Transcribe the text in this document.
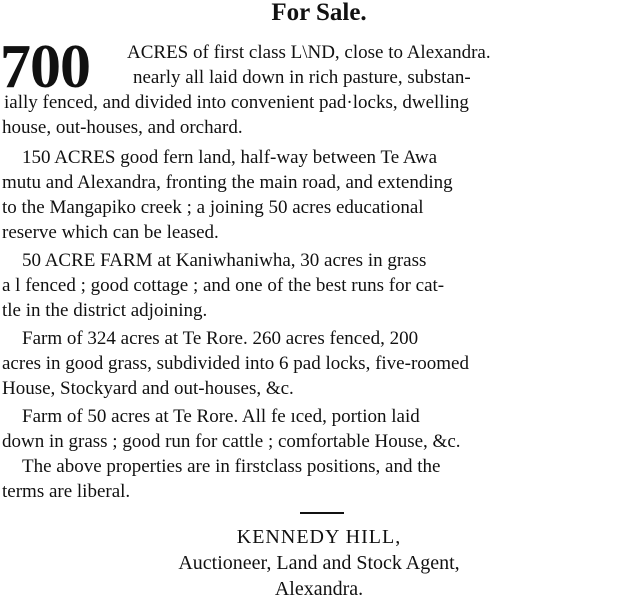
For Sale.
700 ACRES of first class L\ND, close to Alexandra.
nearly all laid down in rich pasture, substan-
ially fenced, and divided into convenient pad·locks, dwelling
house, out-houses, and orchard.
150 ACRES good fern land, half-way between Te Awa
mutu and Alexandra, fronting the main road, and extending
to the Mangapiko creek ; a joining 50 acres educational
reserve which can be leased.
50 ACRE FARM at Kaniwhaniwha, 30 acres in grass
a l fenced ; good cottage ; and one of the best runs for cat-
tle in the district adjoining.
Farm of 324 acres at Te Rore. 260 acres fenced, 200
acres in good grass, subdivided into 6 pad locks, five-roomed
House, Stockyard and out-houses, &c.
Farm of 50 acres at Te Rore. All fe ıced, portion laid
down in grass ; good run for cattle ; comfortable House, &c.
The above properties are in firstclass positions, and the
terms are liberal.
KENNEDY HILL,
Auctioneer, Land and Stock Agent,
Alexandra.
